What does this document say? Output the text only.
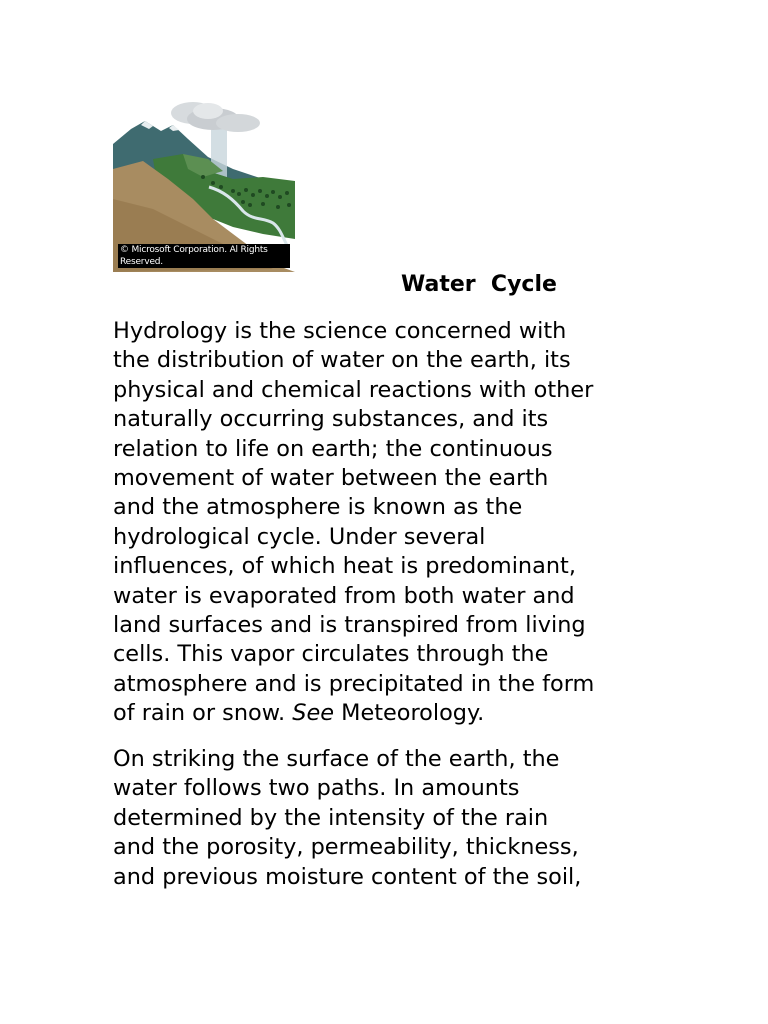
© Microsoft Corporation. Al Rights
Reserved.
Water  Cycle

Hydrology is the science concerned with
the distribution of water on the earth, its
physical and chemical reactions with other
naturally occurring substances, and its
relation to life on earth; the continuous
movement of water between the earth
and the atmosphere is known as the
hydrological cycle. Under several
influences, of which heat is predominant,
water is evaporated from both water and
land surfaces and is transpired from living
cells. This vapor circulates through the
atmosphere and is precipitated in the form
of rain or snow. See Meteorology.

On striking the surface of the earth, the
water follows two paths. In amounts
determined by the intensity of the rain
and the porosity, permeability, thickness,
and previous moisture content of the soil,
